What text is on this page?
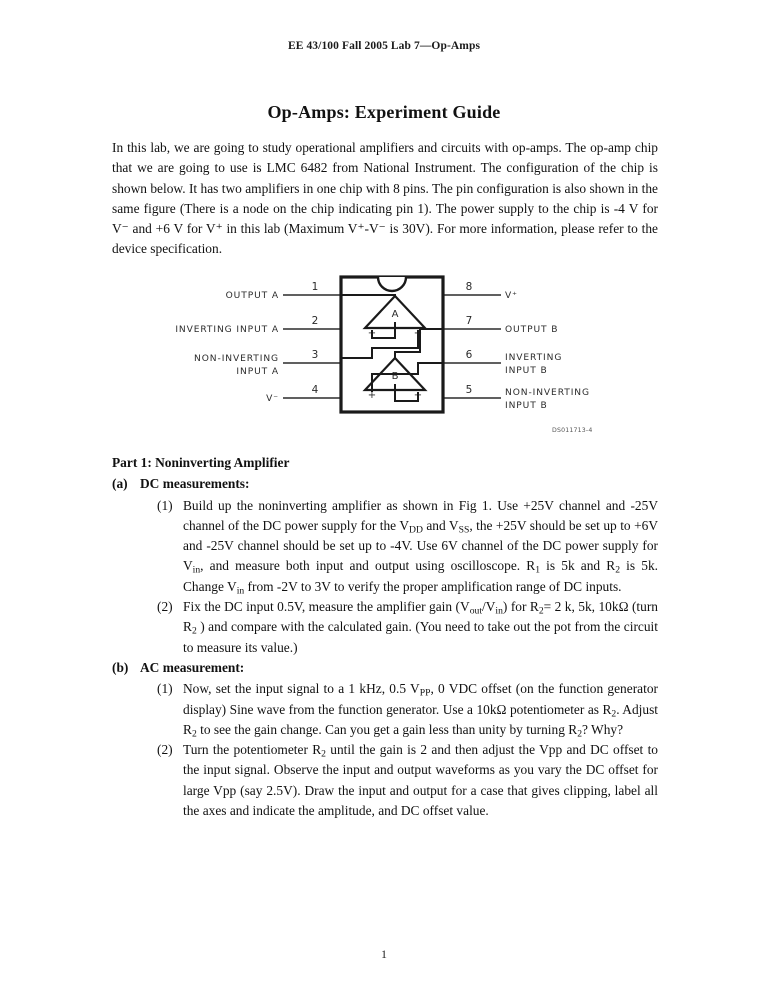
EE 43/100 Fall 2005 Lab 7—Op-Amps
Op-Amps: Experiment Guide

In this lab, we are going to study operational amplifiers and circuits with op-amps. The op-amp chip that we are going to use is LMC 6482 from National Instrument. The configuration of the chip is shown below. It has two amplifiers in one chip with 8 pins. The pin configuration is also shown in the same figure (There is a node on the chip indicating pin 1). The power supply to the chip is -4 V for V⁻ and +6 V for V⁺ in this lab (Maximum V⁺-V⁻ is 30V). For more information, please refer to the device specification.

A
−	+
B
+	−
1
2
3
4
8
7
6
5
OUTPUT A
INVERTING INPUT A
NON-INVERTING
INPUT A
V⁻
V⁺
OUTPUT B
INVERTING
INPUT B
NON-INVERTING
INPUT B
DS011713-4
Part 1: Noninverting Amplifier
(a) DC measurements:
(1) Build up the noninverting amplifier as shown in Fig 1. Use +25V channel and -25V channel of the DC power supply for the $V_{DD}$ and $V_{SS}$, the +25V should be set up to +6V and -25V channel should be set up to -4V. Use 6V channel of the DC power supply for $V_{in}$, and measure both input and output using oscilloscope. $R_1$ is 5k and $R_2$ is 5k. Change $V_{in}$ from -2V to 3V to verify the proper amplification range of DC inputs.
(2) Fix the DC input 0.5V, measure the amplifier gain $(V_{out}/V_{in})$ for $R_2= 2$ k, 5k, 10kΩ (turn $R_2$ ) and compare with the calculated gain. (You need to take out the pot from the circuit to measure its value.)
(b) AC measurement:
(1) Now, set the input signal to a 1 kHz, 0.5 $V_{PP}$, 0 VDC offset (on the function generator display) Sine wave from the function generator. Use a 10kΩ potentiometer as $R_2$. Adjust $R_2$ to see the gain change. Can you get a gain less than unity by turning $R_2$? Why?
(2) Turn the potentiometer $R_2$ until the gain is 2 and then adjust the Vpp and DC offset to the input signal. Observe the input and output waveforms as you vary the DC offset for large Vpp (say 2.5V). Draw the input and output for a case that gives clipping, label all the axes and indicate the amplitude, and DC offset value.
1
